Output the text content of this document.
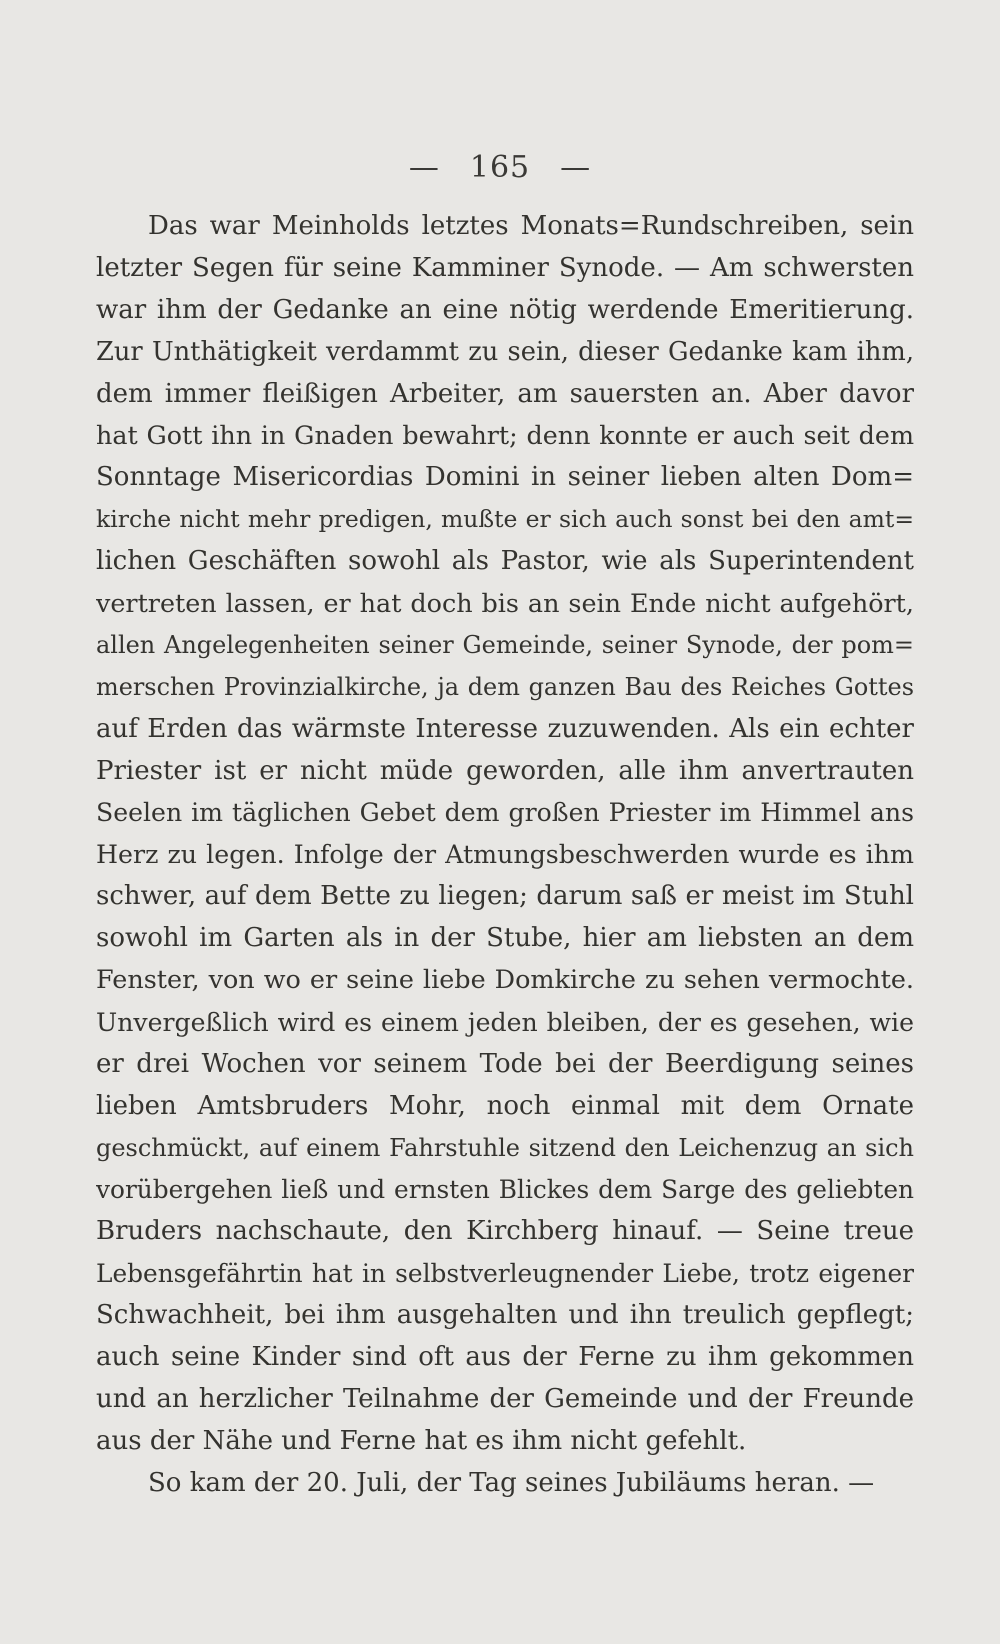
— 165 —
Das war Meinholds letztes Monats=Rundschreiben, sein
letzter Segen für seine Kamminer Synode. — Am schwersten
war ihm der Gedanke an eine nötig werdende Emeritierung.
Zur Unthätigkeit verdammt zu sein, dieser Gedanke kam ihm,
dem immer fleißigen Arbeiter, am sauersten an. Aber davor
hat Gott ihn in Gnaden bewahrt; denn konnte er auch seit dem
Sonntage Misericordias Domini in seiner lieben alten Dom=
kirche nicht mehr predigen, mußte er sich auch sonst bei den amt=
lichen Geschäften sowohl als Pastor, wie als Superintendent
vertreten lassen, er hat doch bis an sein Ende nicht aufgehört,
allen Angelegenheiten seiner Gemeinde, seiner Synode, der pom=
merschen Provinzialkirche, ja dem ganzen Bau des Reiches Gottes
auf Erden das wärmste Interesse zuzuwenden. Als ein echter
Priester ist er nicht müde geworden, alle ihm anvertrauten
Seelen im täglichen Gebet dem großen Priester im Himmel ans
Herz zu legen. Infolge der Atmungsbeschwerden wurde es ihm
schwer, auf dem Bette zu liegen; darum saß er meist im Stuhl
sowohl im Garten als in der Stube, hier am liebsten an dem
Fenster, von wo er seine liebe Domkirche zu sehen vermochte.
Unvergeßlich wird es einem jeden bleiben, der es gesehen, wie
er drei Wochen vor seinem Tode bei der Beerdigung seines
lieben Amtsbruders Mohr, noch einmal mit dem Ornate
geschmückt, auf einem Fahrstuhle sitzend den Leichenzug an sich
vorübergehen ließ und ernsten Blickes dem Sarge des geliebten
Bruders nachschaute, den Kirchberg hinauf. — Seine treue
Lebensgefährtin hat in selbstverleugnender Liebe, trotz eigener
Schwachheit, bei ihm ausgehalten und ihn treulich gepflegt;
auch seine Kinder sind oft aus der Ferne zu ihm gekommen
und an herzlicher Teilnahme der Gemeinde und der Freunde
aus der Nähe und Ferne hat es ihm nicht gefehlt.
So kam der 20. Juli, der Tag seines Jubiläums heran. —
